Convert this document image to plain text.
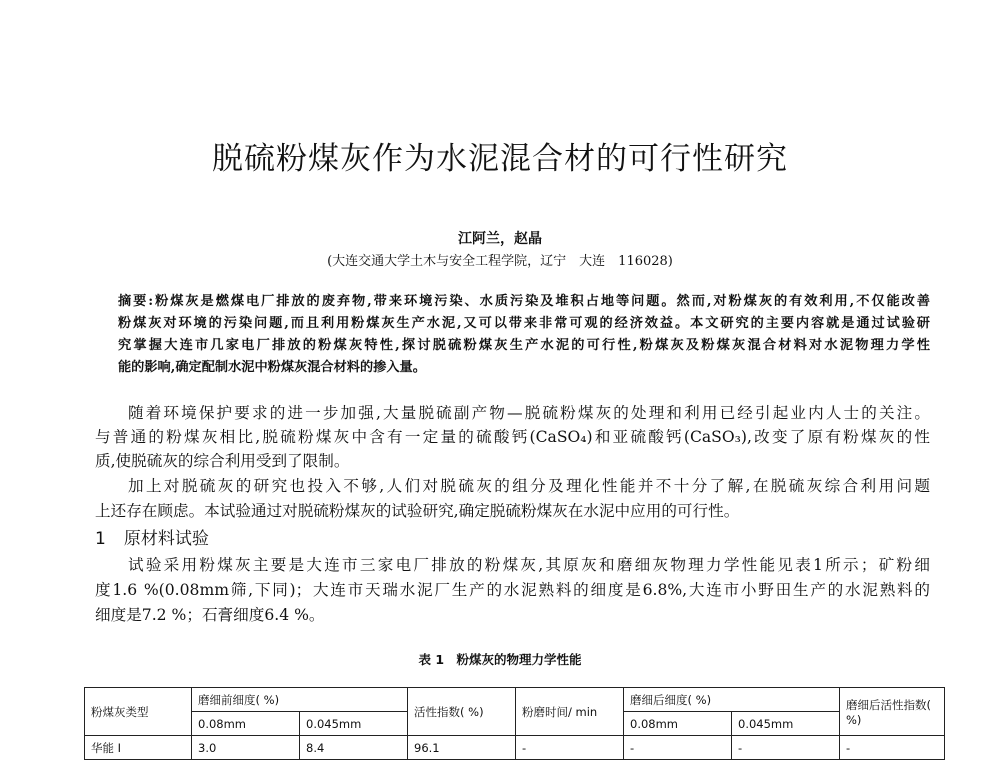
脱硫粉煤灰作为水泥混合材的可行性研究
江阿兰，赵晶
(大连交通大学土木与安全工程学院，辽宁　大连　116028)
摘要:粉煤灰是燃煤电厂排放的废弃物,带来环境污染、水质污染及堆积占地等问题。然而,对粉煤灰的有效利用,不仅能改善
粉煤灰对环境的污染问题,而且利用粉煤灰生产水泥,又可以带来非常可观的经济效益。本文研究的主要内容就是通过试验研
究掌握大连市几家电厂排放的粉煤灰特性,探讨脱硫粉煤灰生产水泥的可行性,粉煤灰及粉煤灰混合材料对水泥物理力学性
能的影响,确定配制水泥中粉煤灰混合材料的掺入量。
随着环境保护要求的进一步加强,大量脱硫副产物—脱硫粉煤灰的处理和利用已经引起业内人士的关注。
与普通的粉煤灰相比,脱硫粉煤灰中含有一定量的硫酸钙(CaSO₄)和亚硫酸钙(CaSO₃),改变了原有粉煤灰的性
质,使脱硫灰的综合利用受到了限制。
加上对脱硫灰的研究也投入不够,人们对脱硫灰的组分及理化性能并不十分了解,在脱硫灰综合利用问题
上还存在顾虑。本试验通过对脱硫粉煤灰的试验研究,确定脱硫粉煤灰在水泥中应用的可行性。
1 原材料试验
试验采用粉煤灰主要是大连市三家电厂排放的粉煤灰,其原灰和磨细灰物理力学性能见表1所示；矿粉细
度1.6 %(0.08mm筛,下同)；大连市天瑞水泥厂生产的水泥熟料的细度是6.8%,大连市小野田生产的水泥熟料的
细度是7.2 %；石膏细度6.4 %。
表 1　粉煤灰的物理力学性能
粉煤灰类型	磨细前细度( %)		活性指数( %)	粉磨时间/ min	磨细后细度( %)		磨细后活性指数( %)
	0.08mm	0.045mm			0.08mm	0.045mm	
华能 I	3.0	8.4	96.1	-	-	-	-
